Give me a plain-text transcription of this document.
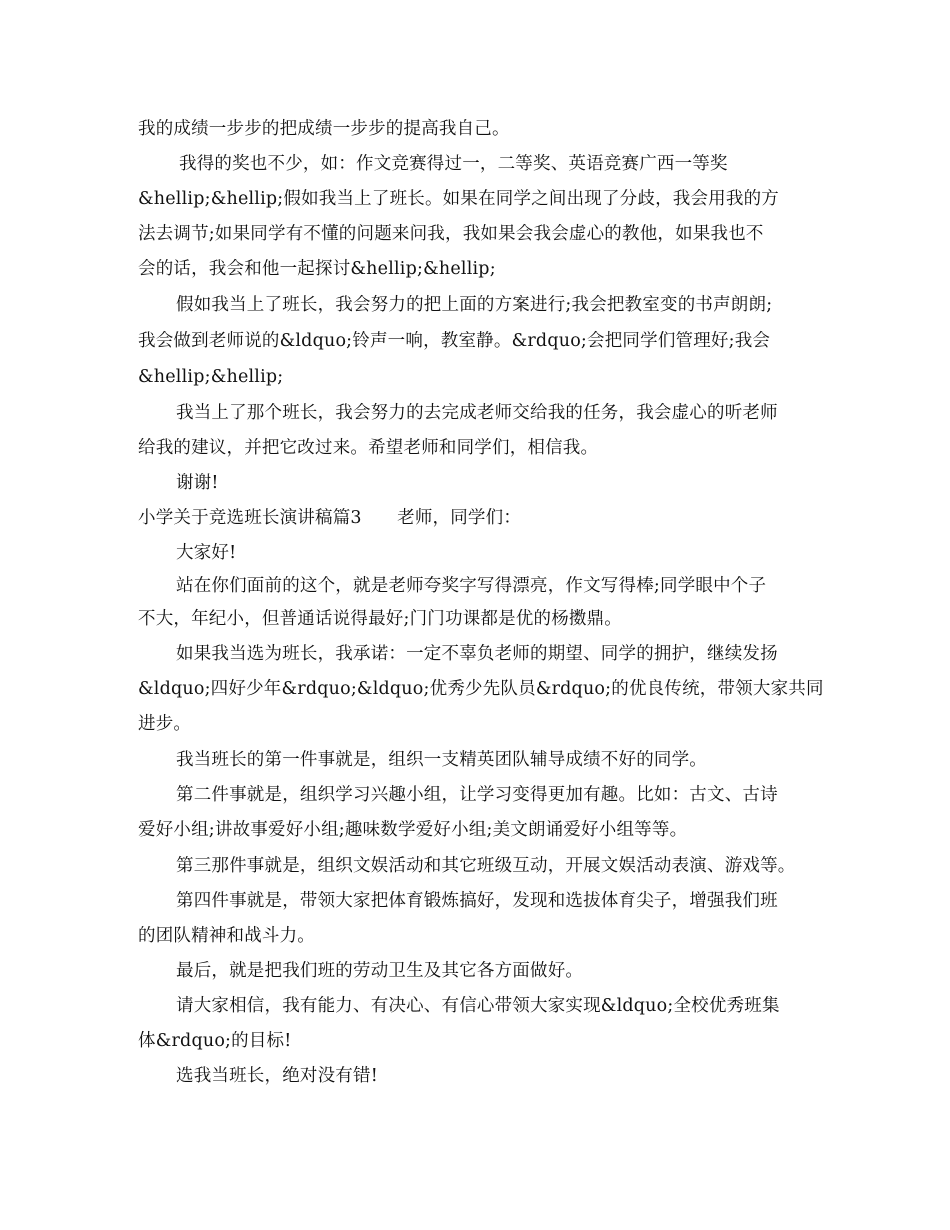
我的成绩一步步的把成绩一步步的提高我自己。
我得的奖也不少，如：作文竞赛得过一，二等奖、英语竞赛广西一等奖
&hellip;&hellip;假如我当上了班长。如果在同学之间出现了分歧，我会用我的方
法去调节;如果同学有不懂的问题来问我，我如果会我会虚心的教他，如果我也不
会的话，我会和他一起探讨&hellip;&hellip;
假如我当上了班长，我会努力的把上面的方案进行;我会把教室变的书声朗朗;
我会做到老师说的&ldquo;铃声一响，教室静。&rdquo;会把同学们管理好;我会
&hellip;&hellip;
我当上了那个班长，我会努力的去完成老师交给我的任务，我会虚心的听老师
给我的建议，并把它改过来。希望老师和同学们，相信我。
谢谢!
小学关于竞选班长演讲稿篇3　　老师，同学们：
大家好!
站在你们面前的这个，就是老师夸奖字写得漂亮，作文写得棒;同学眼中个子
不大，年纪小，但普通话说得最好;门门功课都是优的杨擞鼎。
如果我当选为班长，我承诺：一定不辜负老师的期望、同学的拥护，继续发扬
&ldquo;四好少年&rdquo;&ldquo;优秀少先队员&rdquo;的优良传统，带领大家共同
进步。
我当班长的第一件事就是，组织一支精英团队辅导成绩不好的同学。
第二件事就是，组织学习兴趣小组，让学习变得更加有趣。比如：古文、古诗
爱好小组;讲故事爱好小组;趣味数学爱好小组;美文朗诵爱好小组等等。
第三那件事就是，组织文娱活动和其它班级互动，开展文娱活动表演、游戏等。
第四件事就是，带领大家把体育锻炼搞好，发现和选拔体育尖子，增强我们班
的团队精神和战斗力。
最后，就是把我们班的劳动卫生及其它各方面做好。
请大家相信，我有能力、有决心、有信心带领大家实现&ldquo;全校优秀班集
体&rdquo;的目标!
选我当班长，绝对没有错!
